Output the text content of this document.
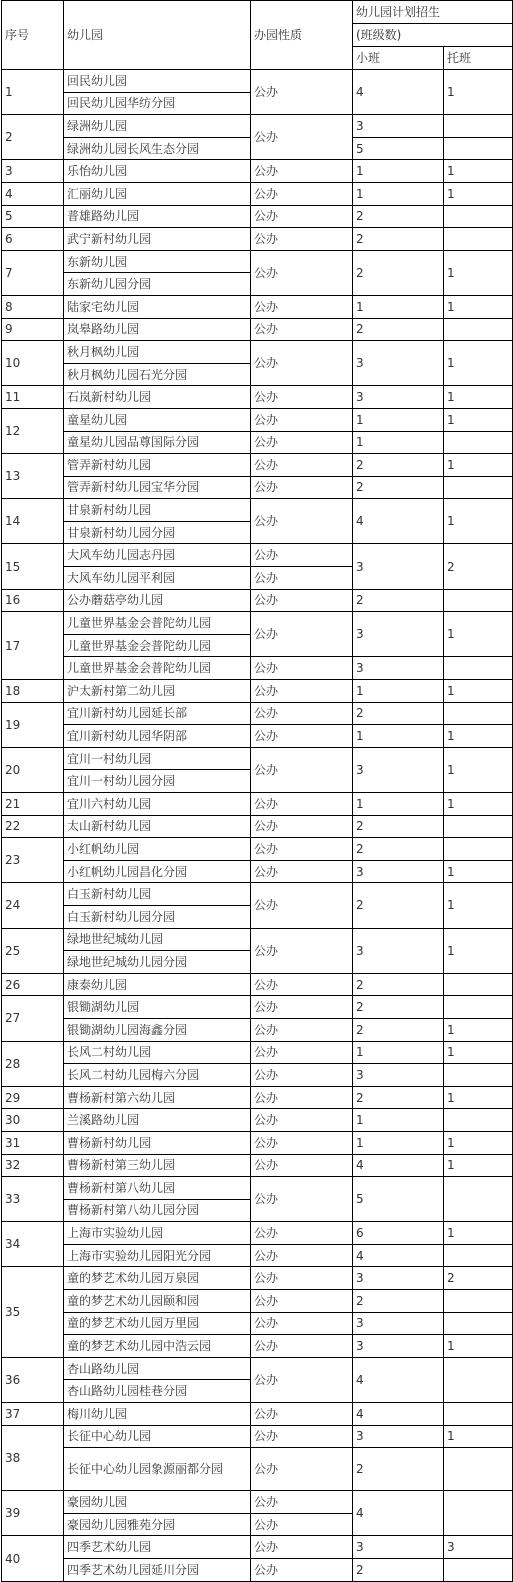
序号	幼儿园	办园性质	幼儿园计划招生	
			(班级数)	
			小班	托班
1	回民幼儿园	公办	4	1
	回民幼儿园华纺分园			
2	绿洲幼儿园	公办	3	
	绿洲幼儿园长风生态分园		5	
3	乐怡幼儿园	公办	1	1
4	汇丽幼儿园	公办	1	1
5	普雄路幼儿园	公办	2	
6	武宁新村幼儿园	公办	2	
7	东新幼儿园	公办	2	1
	东新幼儿园分园			
8	陆家宅幼儿园	公办	1	1
9	岚皋路幼儿园	公办	2	
10	秋月枫幼儿园	公办	3	1
	秋月枫幼儿园石光分园			
11	石岚新村幼儿园	公办	3	1
12	童星幼儿园	公办	1	1
	童星幼儿园品尊国际分园	公办	1	
13	管弄新村幼儿园	公办	2	1
	管弄新村幼儿园宝华分园	公办	2	
14	甘泉新村幼儿园	公办	4	1
	甘泉新村幼儿园分园			
15	大风车幼儿园志丹园	公办	3	2
	大风车幼儿园平利园	公办		
16	公办蘑菇亭幼儿园	公办	2	
17	儿童世界基金会普陀幼儿园	公办	3	1
	儿童世界基金会普陀幼儿园			
	儿童世界基金会普陀幼儿园	公办	3	
18	沪太新村第二幼儿园	公办	1	1
19	宜川新村幼儿园延长部	公办	2	
	宜川新村幼儿园华阴部	公办	1	1
20	宜川一村幼儿园	公办	3	1
	宜川一村幼儿园分园			
21	宜川六村幼儿园	公办	1	1
22	太山新村幼儿园	公办	2	
23	小红帆幼儿园	公办	2	
	小红帆幼儿园昌化分园	公办	3	1
24	白玉新村幼儿园	公办	2	1
	白玉新村幼儿园分园			
25	绿地世纪城幼儿园	公办	3	1
	绿地世纪城幼儿园分园			
26	康泰幼儿园	公办	2	
27	银锄湖幼儿园	公办	2	
	银锄湖幼儿园海鑫分园	公办	2	1
28	长风二村幼儿园	公办	1	1
	长风二村幼儿园梅六分园	公办	3	
29	曹杨新村第六幼儿园	公办	2	1
30	兰溪路幼儿园	公办	1	
31	曹杨新村幼儿园	公办	1	1
32	曹杨新村第三幼儿园	公办	4	1
33	曹杨新村第八幼儿园	公办	5	
	曹杨新村第八幼儿园分园			
34	上海市实验幼儿园	公办	6	1
	上海市实验幼儿园阳光分园	公办	4	
35	童的梦艺术幼儿园万泉园	公办	3	2
	童的梦艺术幼儿园颐和园	公办	2	
	童的梦艺术幼儿园万里园	公办	3	
	童的梦艺术幼儿园中浩云园	公办	3	1
36	杏山路幼儿园	公办	4	
	杏山路幼儿园桂巷分园			
37	梅川幼儿园	公办	4	
38	长征中心幼儿园	公办	3	1
	长征中心幼儿园象源丽都分园	公办	2	
39	豪园幼儿园	公办	4	
	豪园幼儿园雅苑分园	公办		
40	四季艺术幼儿园	公办	3	3
	四季艺术幼儿园延川分园	公办	2	
